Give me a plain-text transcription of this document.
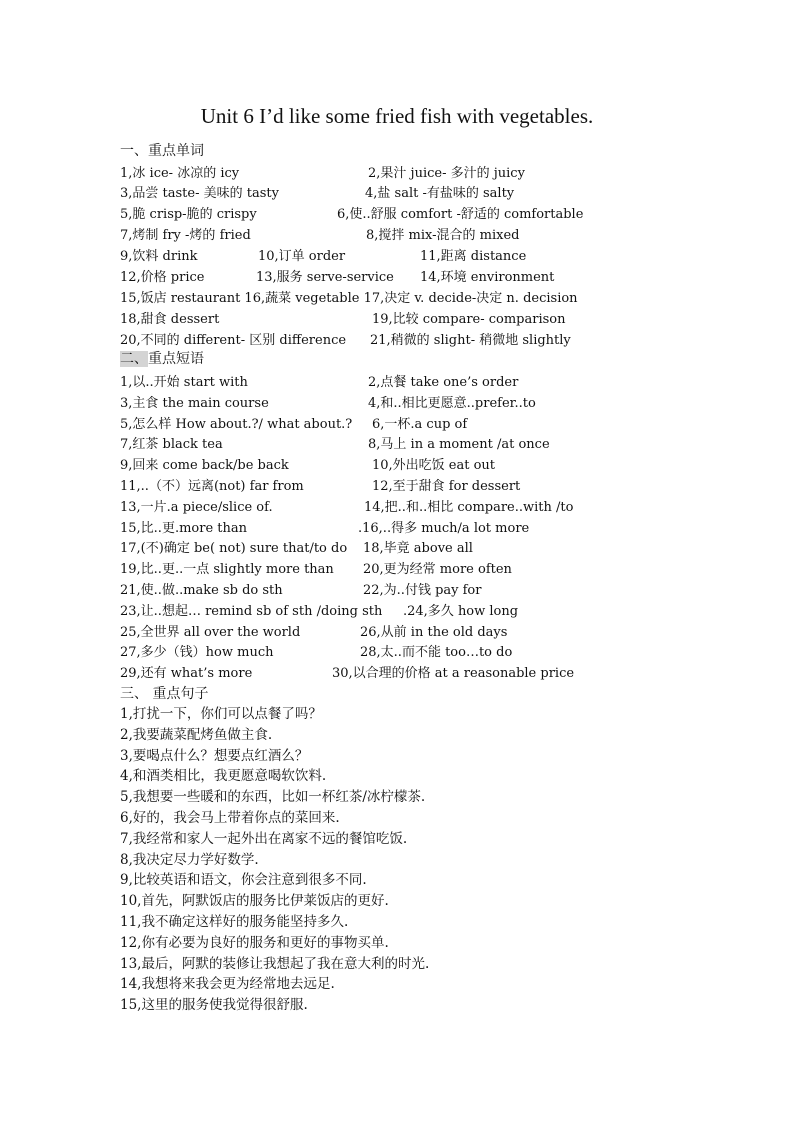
Unit 6 I’d like some fried fish with vegetables.
一、重点单词
1,冰 ice- 冰凉的 icy	2,果汁 juice- 多汁的 juicy
3,品尝 taste- 美味的 tasty	4,盐 salt -有盐味的 salty
5,脆 crisp-脆的 crispy	6,使..舒服 comfort -舒适的 comfortable
7,烤制 fry -烤的 fried	8,搅拌 mix-混合的 mixed
9,饮料 drink	10,订单 order	11,距离 distance
12,价格 price	13,服务 serve-service 14,环境 environment
15,饭店 restaurant 16,蔬菜 vegetable 17,决定 v. decide-决定 n. decision
18,甜食 dessert	19,比较 compare- comparison
20,不同的 different- 区别 difference 21,稍微的 slight- 稍微地 slightly
二、重点短语
1,以..开始 start with	2,点餐 take one’s order
3,主食 the main course	4,和..相比更愿意..prefer..to
5,怎么样 How about.?/ what about.? 6,一杯.a cup of
7,红茶 black tea	8,马上 in a moment /at once
9,回来 come back/be back	10,外出吃饭 eat out
11,..（不）远离(not) far from	12,至于甜食 for dessert
13,一片.a piece/slice of.	14,把..和..相比 compare..with /to
15,比..更.more than	.16,..得多 much/a lot more
17,(不)确定 be( not) sure that/to do 18,毕竟 above all
19,比..更..一点 slightly more than 20,更为经常 more often
21,使..做..make sb do sth	22,为..付钱 pay for
23,让..想起… remind sb of sth /doing sth .24,多久 how long
25,全世界 all over the world	26,从前 in the old days
27,多少（钱）how much	28,太..而不能 too…to do
29,还有 what’s more	30,以合理的价格 at a reasonable price
三、 重点句子
1,打扰一下，你们可以点餐了吗？
2,我要蔬菜配烤鱼做主食.
3,要喝点什么？想要点红酒么？
4,和酒类相比，我更愿意喝软饮料.
5,我想要一些暖和的东西，比如一杯红茶/冰柠檬茶.
6,好的，我会马上带着你点的菜回来.
7,我经常和家人一起外出在离家不远的餐馆吃饭.
8,我决定尽力学好数学.
9,比较英语和语文，你会注意到很多不同.
10,首先，阿默饭店的服务比伊莱饭店的更好.
11,我不确定这样好的服务能坚持多久.
12,你有必要为良好的服务和更好的事物买单.
13,最后，阿默的装修让我想起了我在意大利的时光.
14,我想将来我会更为经常地去远足.
15,这里的服务使我觉得很舒服.
